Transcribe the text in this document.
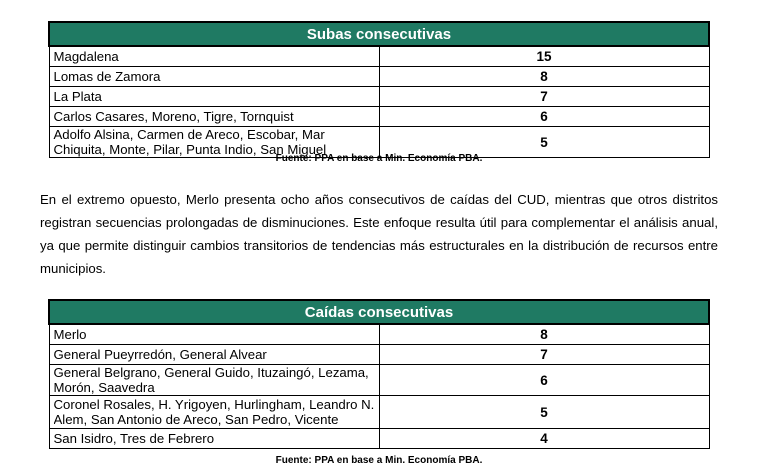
Subas consecutivas	
Magdalena	15
Lomas de Zamora	8
La Plata	7
Carlos Casares, Moreno, Tigre, Tornquist	6
Adolfo Alsina, Carmen de Areco, Escobar, Mar Chiquita, Monte, Pilar, Punta Indio, San Miguel	5
Fuente: PPA en base a Min. Economía PBA.

En el extremo opuesto, Merlo presenta ocho años consecutivos de caídas del CUD, mientras que otros distritos registran secuencias prolongadas de disminuciones. Este enfoque resulta útil para complementar el análisis anual, ya que permite distinguir cambios transitorios de tendencias más estructurales en la distribución de recursos entre municipios.

Caídas consecutivas	
Merlo	8
General Pueyrredón, General Alvear	7
General Belgrano, General Guido, Ituzaingó, Lezama, Morón, Saavedra	6

Coronel Rosales, H. Yrigoyen, Hurlingham, Leandro N. Alem, San Antonio de Areco, San Pedro, Vicente	5
San Isidro, Tres de Febrero	4
Fuente: PPA en base a Min. Economía PBA.
